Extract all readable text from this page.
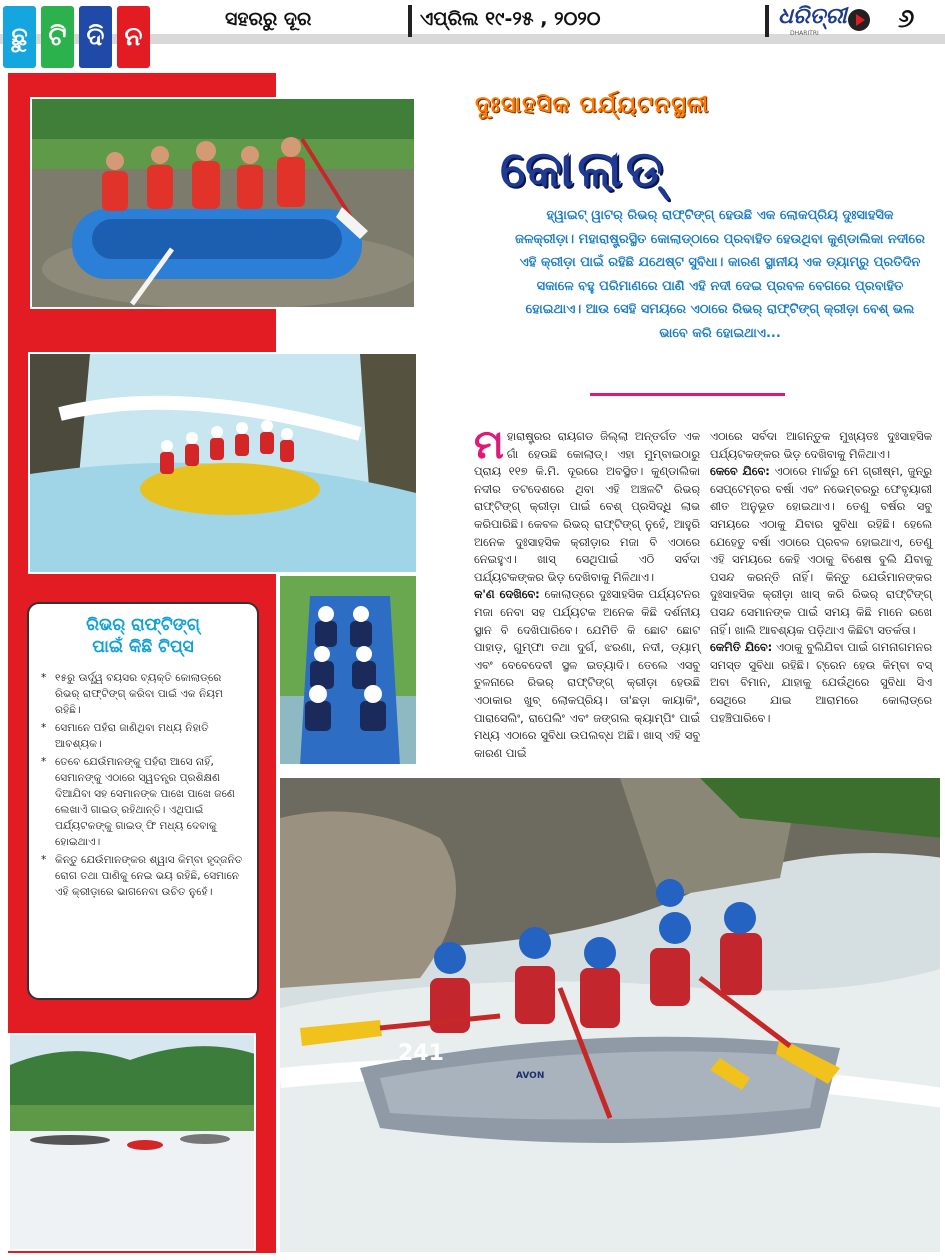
ଛୁ ଟି ଦି ନ
ସହରରୁ ଦୂର	ଏପ୍ରିଲ ୧୯-୨୫ , ୨୦୨୦	ଧରିତ୍ରୀ
DHARITRI	୬
241
AVON
ରିଭର୍ ରାଫ୍ଟିଙ୍ଗ୍
ପାଇଁ କିଛି ଟିପ୍ସ
* ୧୫ରୁ ଊର୍ଦ୍ଧ୍ୱ ବୟସର ବ୍ୟକ୍ତି କୋଲାଡ୍‌ରେ ରିଭର୍ ରାଫ୍ଟିଙ୍ଗ୍ କରିବା ପାଇଁ ଏକ ନିୟମ ରହିଛି।
* ସେମାନେ ପହଁରା ଜାଣିଥିବା ମଧ୍ୟ ନିହାତି ଆବଶ୍ୟକ।
* ତେବେ ଯେଉଁମାନଙ୍କୁ ପହଁରା ଆସେ ନାହିଁ, ସେମାନଙ୍କୁ ଏଠାରେ ସ୍ୱତନ୍ତ୍ର ପ୍ରଶିକ୍ଷଣ ଦିଆଯିବା ସହ ସେମାନଙ୍କ ପାଖେ ପାଖେ ଜଣେ ଲେଖାଏଁ ଗାଇଡ୍ ରହିଥାନ୍ତି। ଏଥିପାଇଁ ପର୍ଯ୍ୟଟକଙ୍କୁ ଗାଇଡ୍ ଫି ମଧ୍ୟ ଦେବାକୁ ହୋଇଥାଏ।
* କିନ୍ତୁ ଯେଉଁମାନଙ୍କର ଶ୍ୱାସ କିମ୍ବା ହୃଦ୍‌ଜନିତ ରୋଗ ତଥା ପାଣିକୁ ନେଇ ଭୟ ରହିଛି, ସେମାନେ ଏହି କ୍ରୀଡ଼ାରେ ଭାଗନେବା ଉଚିତ ନୁହେଁ।
ଦୁଃସାହସିକ ପର୍ଯ୍ୟଟନସ୍ଥଳୀ
କୋଲାଡ୍
ହ୍ୱାଇଟ୍ ୱାଟର୍ ରିଭର୍ ରାଫ୍ଟିଙ୍ଗ୍ ହେଉଛି ଏକ ଲୋକପ୍ରିୟ ଦୁଃସାହସିକ ଜଳକ୍ରୀଡ଼ା। ମହାରାଷ୍ଟ୍ରସ୍ଥିତ କୋଲାଡ୍‌ଠାରେ ପ୍ରବାହିତ ହେଉଥିବା କୁଣ୍ଡାଲିକା ନଦୀରେ ଏହି କ୍ରୀଡ଼ା ପାଇଁ ରହିଛି ଯଥେଷ୍ଟ ସୁବିଧା। କାରଣ ସ୍ଥାନୀୟ ଏକ ଡ୍ୟାମ୍‌ରୁ ପ୍ରତିଦିନ ସକାଳେ ବହୁ ପରିମାଣରେ ପାଣି ଏହି ନଦୀ ଦେଇ ପ୍ରବଳ ବେଗରେ ପ୍ରବାହିତ ହୋଇଥାଏ। ଆଉ ସେହି ସମୟରେ ଏଠାରେ ରିଭର୍ ରାଫ୍ଟିଙ୍ଗ୍ କ୍ରୀଡ଼ା ବେଶ୍ ଭଲ ଭାବେ କରି ହୋଇଥାଏ...

ମହାରାଷ୍ଟ୍ରର ରାୟଗଡ ଜିଲ୍ଲା ଅନ୍ତର୍ଗତ ଏକ ଗାଁ ହେଉଛି କୋଲାଡ୍। ଏହା ମୁମ୍ବାଇଠାରୁ ପ୍ରାୟ ୧୧୭ କି.ମି. ଦୂରରେ ଅବସ୍ଥିତ। କୁଣ୍ଡାଲିକା ନଦୀର ତଟଦେଶରେ ଥିବା ଏହି ଅଞ୍ଚଳଟି ରିଭର୍ ରାଫ୍ଟିଙ୍ଗ୍ କ୍ରୀଡ଼ା ପାଇଁ ବେଶ୍ ପ୍ରସିଦ୍ଧି ଲାଭ କରିପାରିଛି। କେବଳ ରିଭର୍ ରାଫ୍ଟିଙ୍ଗ୍ ନୁହେଁ, ଆହୁରି ଅନେକ ଦୁଃସାହସିକ କ୍ରୀଡ଼ାର ମଜା ବି ଏଠାରେ ନେଇହୁଏ। ଖାସ୍ ସେଥିପାଇଁ ଏଠି ସର୍ବଦା ପର୍ଯ୍ୟଟକଙ୍କର ଭିଡ଼ ଦେଖିବାକୁ ମିଳିଥାଏ।

କ'ଣ ଦେଖିବେ: କୋଲାଡ୍‌ରେ ଦୁଃସାହସିକ ପର୍ଯ୍ୟଟନର ମଜା ନେବା ସହ ପର୍ଯ୍ୟଟକ ଅନେକ କିଛି ଦର୍ଶନୀୟ ସ୍ଥାନ ବି ଦେଖିପାରିବେ। ଯେମିତି କି ଛୋଟ ଛୋଟ ପାହାଡ଼, ଗୁମ୍ଫା ତଥା ଦୁର୍ଗ, ଝରଣା, ନଦୀ, ଡ୍ୟାମ୍ ଏବଂ ବେବେଦେବୀ ସ୍ଥଳ ଇତ୍ୟାଦି। ତେଲେ ଏସବୁ ତୁଳନାରେ ରିଭର୍ ରାଫ୍ଟିଙ୍ଗ୍ କ୍ରୀଡ଼ା ହେଉଛି ଏଠାକାର ଖୁବ୍ ଲୋକପ୍ରିୟ। ତା'ଛଡ଼ା କାୟାକିଂ, ପାରାସେଲିଂ, ରାପେଲିଂ ଏବଂ ଜଙ୍ଗଲ କ୍ୟାମ୍ପିଂ ପାଇଁ ମଧ୍ୟ ଏଠାରେ ସୁବିଧା ଉପଲବ୍ଧ ଅଛି। ଖାସ୍ ଏହି ସବୁ କାରଣ ପାଇଁ

ଏଠାରେ ସର୍ବଦା ଆଗନ୍ତୁକ ମୁଖ୍ୟତଃ ଦୁଃସାହସିକ ପର୍ଯ୍ୟଟକଙ୍କର ଭିଡ଼ ଦେଖିବାକୁ ମିଳିଥାଏ।

କେବେ ଯିବେ: ଏଠାରେ ମାର୍ଚ୍ଚରୁ ମେ ଗ୍ରୀଷ୍ମ, ଜୁନ୍‌ରୁ ସେପ୍ଟେମ୍ବର ବର୍ଷା ଏବଂ ନଭେମ୍ବରରୁ ଫେବୃୟାରୀ ଶୀତ ଅନୁଭୂତ ହୋଇଥାଏ। ତେଣୁ ବର୍ଷର ସବୁ ସମୟରେ ଏଠାକୁ ଯିବାର ସୁବିଧା ରହିଛି। ହେଲେ ଯେହେତୁ ବର୍ଷା ଏଠାରେ ପ୍ରବଳ ହୋଇଥାଏ, ତେଣୁ ଏହି ସମୟରେ କେହି ଏଠାକୁ ବିଶେଷ ବୁଲି ଯିବାକୁ ପସନ୍ଦ କରନ୍ତି ନାହିଁ। କିନ୍ତୁ ଯେଉଁମାନଙ୍କର ଦୁଃସାହସିକ କ୍ରୀଡ଼ା ଖାସ୍ କରି ରିଭର୍ ରାଫ୍ଟିଙ୍ଗ୍ ପସନ୍ଦ ସେମାନଙ୍କ ପାଇଁ ସମୟ କିଛି ମାନେ ରଖେ ନାହିଁ। ଖାଲି ଆବଶ୍ୟକ ପଡ଼ିଥାଏ କିଛିଟା ସତର୍କତା।

କେମିତି ଯିବେ: ଏଠାକୁ ବୁଲିଯିବା ପାଇଁ ଗମନାଗମନର ସମସ୍ତ ସୁବିଧା ରହିଛି। ଟ୍ରେନ ହେଉ କିମ୍ବା ବସ୍ ଅବା ବିମାନ, ଯାହାକୁ ଯେଉଁଥିରେ ସୁବିଧା ସିଏ ସେଥିରେ ଯାଇ ଆରାମରେ କୋଲାଡ୍‌ରେ ପହଞ୍ଚିପାରିବେ।
